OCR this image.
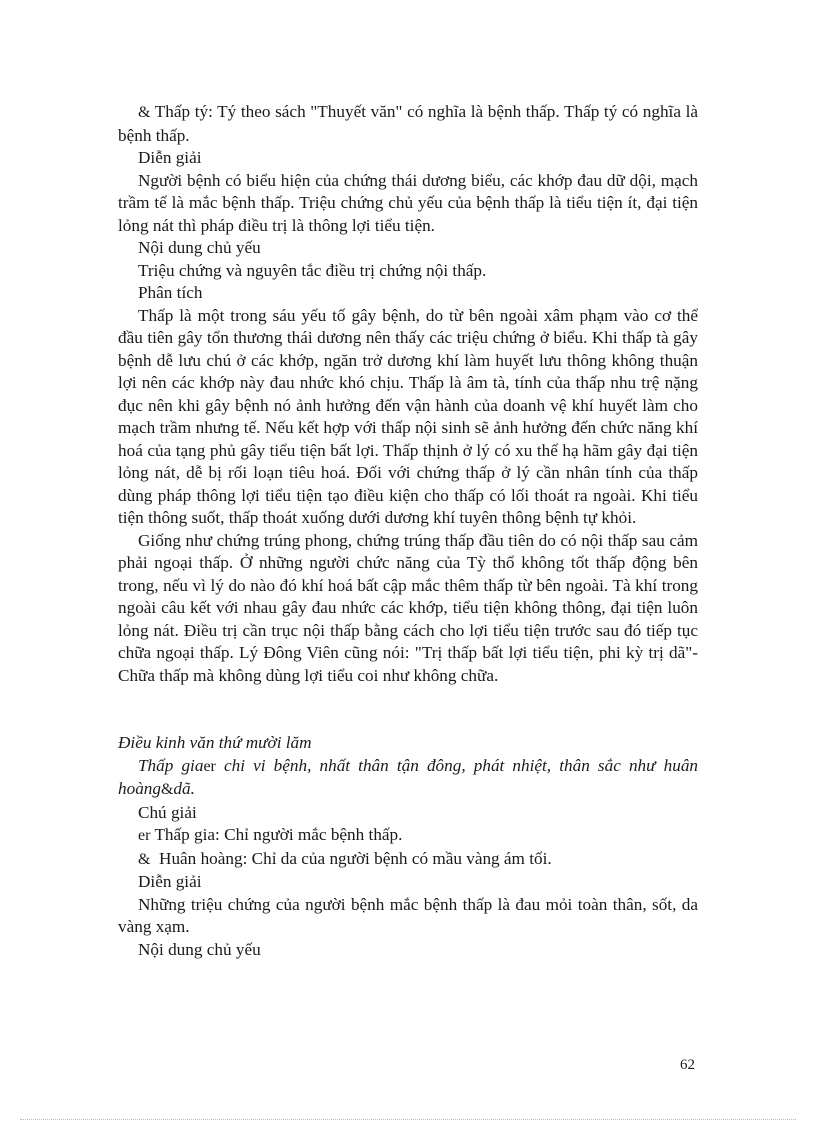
& Thấp tý: Tý theo sách "Thuyết văn" có nghĩa là bệnh thấp. Thấp tý có nghĩa là bệnh thấp.

Diễn giải

Người bệnh có biểu hiện của chứng thái dương biểu, các khớp đau dữ dội, mạch trầm tế là mắc bệnh thấp. Triệu chứng chủ yếu của bệnh thấp là tiểu tiện ít, đại tiện lỏng nát thì pháp điều trị là thông lợi tiểu tiện.

Nội dung chủ yếu

Triệu chứng và nguyên tắc điều trị chứng nội thấp.

Phân tích

Thấp là một trong sáu yếu tố gây bệnh, do từ bên ngoài xâm phạm vào cơ thể đầu tiên gây tổn thương thái dương nên thấy các triệu chứng ở biểu. Khi thấp tà gây bệnh dễ lưu chú ở các khớp, ngăn trở dương khí làm huyết lưu thông không thuận lợi nên các khớp này đau nhức khó chịu. Thấp là âm tà, tính của thấp nhu trệ nặng đục nên khi gây bệnh nó ảnh hưởng đến vận hành của doanh vệ khí huyết làm cho mạch trầm nhưng tế. Nếu kết hợp với thấp nội sinh sẽ ảnh hưởng đến chức năng khí hoá của tạng phủ gây tiểu tiện bất lợi. Thấp thịnh ở lý có xu thế hạ hãm gây đại tiện lỏng nát, dễ bị rối loạn tiêu hoá. Đối với chứng thấp ở lý cần nhân tính của thấp dùng pháp thông lợi tiểu tiện tạo điều kiện cho thấp có lối thoát ra ngoài. Khi tiểu tiện thông suốt, thấp thoát xuống dưới dương khí tuyên thông bệnh tự khỏi.

Giống như chứng trúng phong, chứng trúng thấp đầu tiên do có nội thấp sau cảm phải ngoại thấp. Ở những người chức năng của Tỳ thổ không tốt thấp động bên trong, nếu vì lý do nào đó khí hoá bất cập mắc thêm thấp từ bên ngoài. Tà khí trong ngoài câu kết với nhau gây đau nhức các khớp, tiểu tiện không thông, đại tiện luôn lỏng nát. Điều trị cần trục nội thấp bằng cách cho lợi tiểu tiện trước sau đó tiếp tục chữa ngoại thấp. Lý Đông Viên cũng nói: "Trị thấp bất lợi tiểu tiện, phi kỳ trị dã"- Chữa thấp mà không dùng lợi tiểu coi như không chữa.

Điều kinh văn thứ mười lăm

Thấp giaer chi vi bệnh, nhất thân tận đông, phát nhiệt, thân sắc như huân hoàng&dã.

Chú giải

er Thấp gia: Chỉ người mắc bệnh thấp.

& Huân hoàng: Chỉ da của người bệnh có mầu vàng ám tối.

Diễn giải

Những triệu chứng của người bệnh mắc bệnh thấp là đau mỏi toàn thân, sốt, da vàng xạm.

Nội dung chủ yếu

62
